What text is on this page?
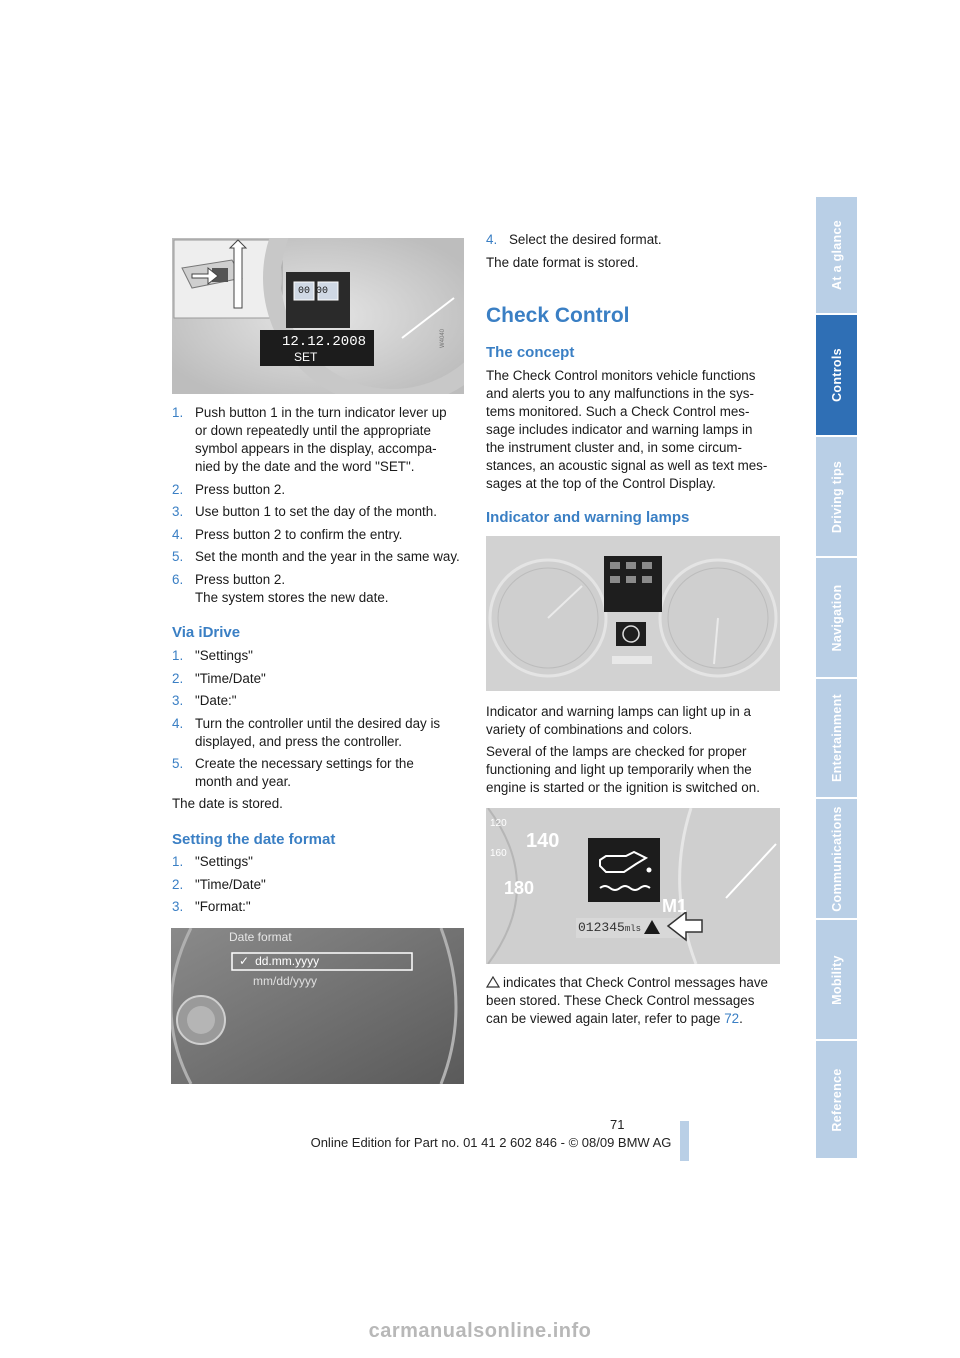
12.12.2008
SET
00 00
W4040
1. Push button 1 in the turn indicator lever up
or down repeatedly until the appropriate
symbol appears in the display, accompa-
nied by the date and the word "SET".
2. Press button 2.
3. Use button 1 to set the day of the month.
4. Press button 2 to confirm the entry.
5. Set the month and the year in the same way.
6. Press button 2.
The system stores the new date.
Via iDrive
1. "Settings"
2. "Time/Date"
3. "Date:"
4. Turn the controller until the desired day is
displayed, and press the controller.
5. Create the necessary settings for the
month and year.
The date is stored.
Setting the date format
1. "Settings"
2. "Time/Date"
3. "Format:"
Date format
✓ dd.mm.yyyy
mm/dd/yyyy
4. Select the desired format.
The date format is stored.
Check Control
The concept
The Check Control monitors vehicle functions
and alerts you to any malfunctions in the sys-
tems monitored. Such a Check Control mes-
sage includes indicator and warning lamps in
the instrument cluster and, in some circum-
stances, an acoustic signal as well as text mes-
sages at the top of the Control Display.
Indicator and warning lamps
Indicator and warning lamps can light up in a
variety of combinations and colors.
Several of the lamps are checked for proper
functioning and light up temporarily when the
engine is started or the ignition is switched on.
012345mls
M1
120
140
160
180
indicates that Check Control messages have
been stored. These Check Control messages
can be viewed again later, refer to page 72.
At a glance
Controls
Driving tips
Navigation
Entertainment
Communications
Mobility
Reference
71
Online Edition for Part no. 01 41 2 602 846 - © 08/09 BMW AG
carmanualsonline.info
